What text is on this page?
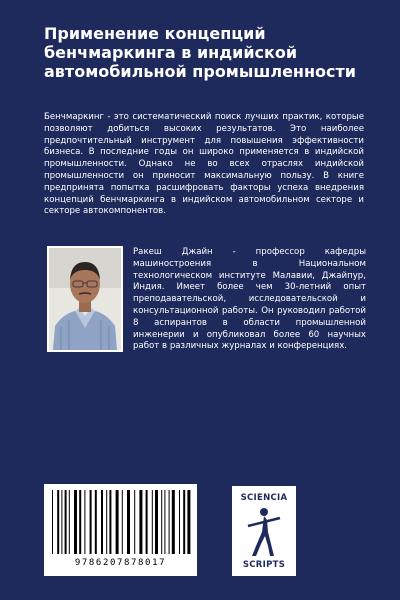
Применение концепций бенчмаркинга в индийской автомобильной промышленности

Бенчмаркинг - это систематический поиск лучших практик, которые позволяют добиться высоких результатов. Это наиболее предпочтительный инструмент для повышения эффективности бизнеса. В последние годы он широко применяется в индийской промышленности. Однако не во всех отраслях индийской промышленности он приносит максимальную пользу. В книге предпринята попытка расшифровать факторы успеха внедрения концепций бенчмаркинга в индийском автомобильном секторе и секторе автокомпонентов.

Ракеш Джайн - профессор кафедры машиностроения в Национальном технологическом институте Малавии, Джайпур, Индия. Имеет более чем 30-летний опыт преподавательской, исследовательской и консультационной работы. Он руководил работой 8 аспирантов в области промышленной инженерии и опубликовал более 60 научных работ в различных журналах и конференциях.

9786207878017
SCIENCIA
SCRIPTS
